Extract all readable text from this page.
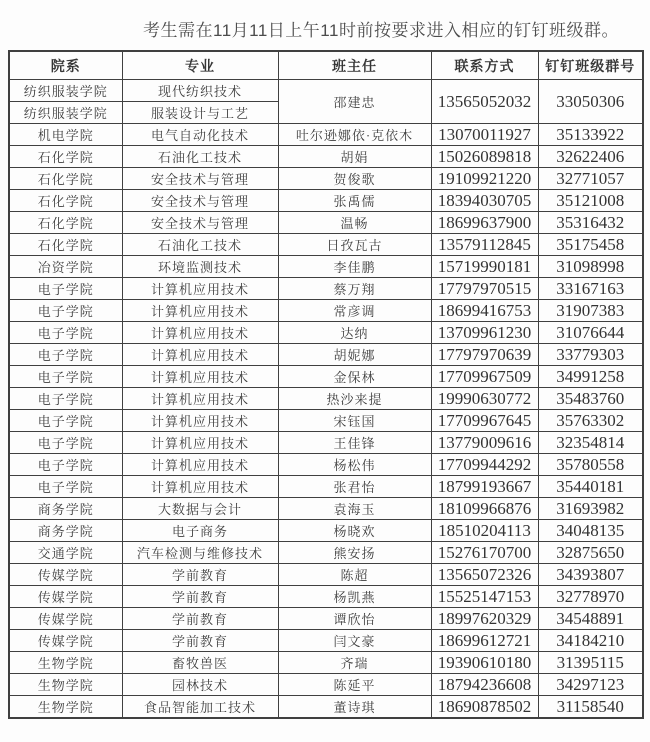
考生需在11月11日上午11时前按要求进入相应的钉钉班级群。

院系	专业	班主任	联系方式	钉钉班级群号
纺织服装学院	现代纺织技术	邵建忠	13565052032	33050306
纺织服装学院	服装设计与工艺			
机电学院	电气自动化技术	吐尔逊娜依·克依木	13070011927	35133922
石化学院	石油化工技术	胡娟	15026089818	32622406
石化学院	安全技术与管理	贺俊歌	19109921220	32771057
石化学院	安全技术与管理	张禹儒	18394030705	35121008
石化学院	安全技术与管理	温畅	18699637900	35316432
石化学院	石油化工技术	日孜瓦古	13579112845	35175458
冶资学院	环境监测技术	李佳鹏	15719990181	31098998
电子学院	计算机应用技术	蔡万翔	17797970515	33167163
电子学院	计算机应用技术	常彦调	18699416753	31907383
电子学院	计算机应用技术	达纳	13709961230	31076644
电子学院	计算机应用技术	胡妮娜	17797970639	33779303
电子学院	计算机应用技术	金保林	17709967509	34991258
电子学院	计算机应用技术	热沙来提	19990630772	35483760
电子学院	计算机应用技术	宋钰国	17709967645	35763302
电子学院	计算机应用技术	王佳锋	13779009616	32354814
电子学院	计算机应用技术	杨松伟	17709944292	35780558
电子学院	计算机应用技术	张君怡	18799193667	35440181
商务学院	大数据与会计	袁海玉	18109966876	31693982
商务学院	电子商务	杨晓欢	18510204113	34048135
交通学院	汽车检测与维修技术	熊安扬	15276170700	32875650
传媒学院	学前教育	陈超	13565072326	34393807
传媒学院	学前教育	杨凯燕	15525147153	32778970
传媒学院	学前教育	谭欣怡	18997620329	34548891
传媒学院	学前教育	闫文豪	18699612721	34184210
生物学院	畜牧兽医	齐瑞	19390610180	31395115
生物学院	园林技术	陈延平	18794236608	34297123
生物学院	食品智能加工技术	董诗琪	18690878502	31158540
